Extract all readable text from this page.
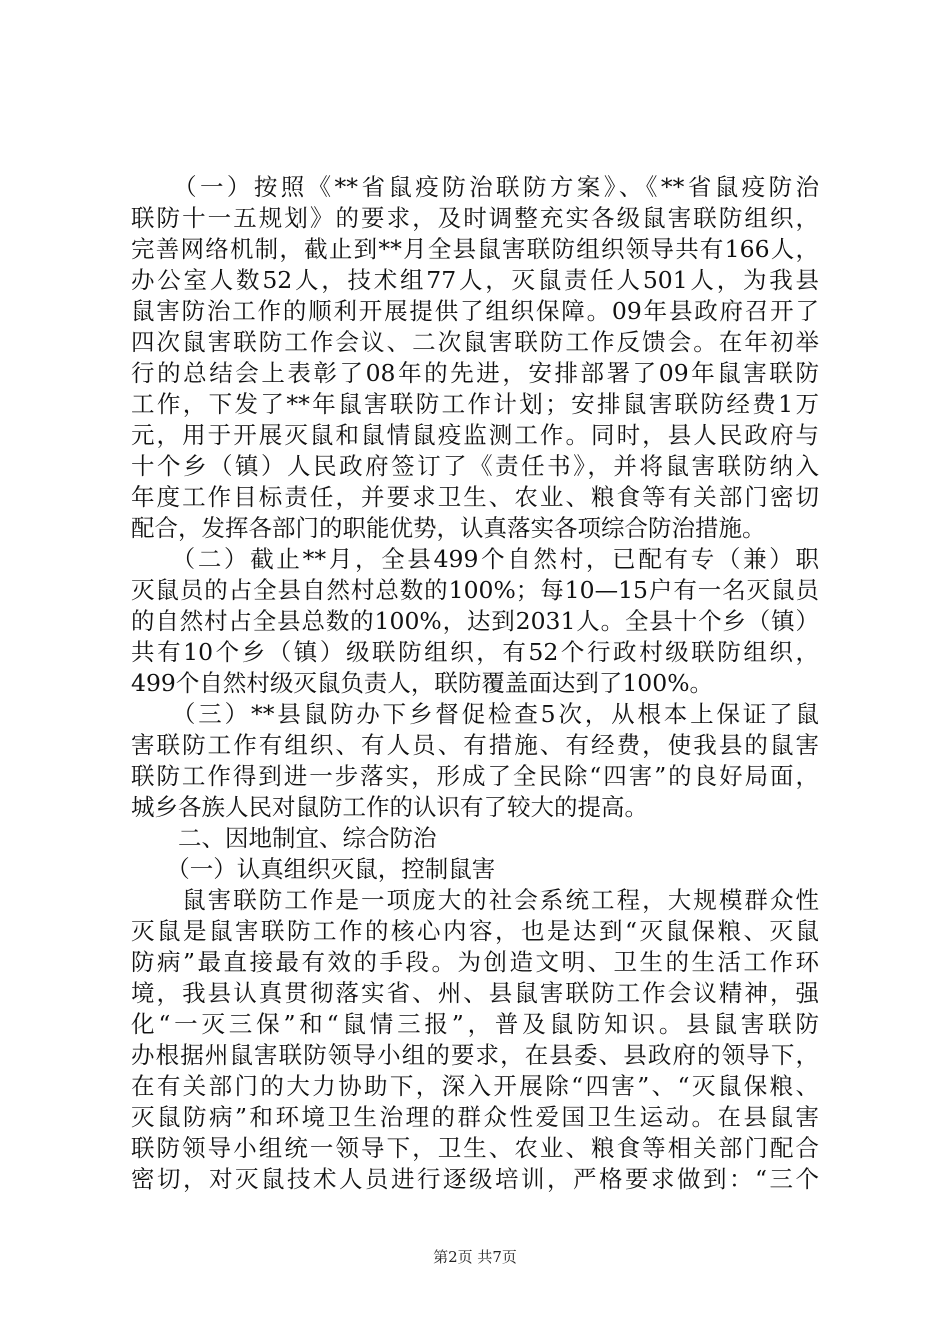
　　（一）按照《**省鼠疫防治联防方案》、《**省鼠疫防治
联防十一五规划》的要求，及时调整充实各级鼠害联防组织，
完善网络机制，截止到**月全县鼠害联防组织领导共有166人，
办公室人数52人，技术组77人，灭鼠责任人501人，为我县
鼠害防治工作的顺利开展提供了组织保障。09年县政府召开了
四次鼠害联防工作会议、二次鼠害联防工作反馈会。在年初举
行的总结会上表彰了08年的先进，安排部署了09年鼠害联防
工作，下发了**年鼠害联防工作计划；安排鼠害联防经费1万
元，用于开展灭鼠和鼠情鼠疫监测工作。同时，县人民政府与
十个乡（镇）人民政府签订了《责任书》，并将鼠害联防纳入
年度工作目标责任，并要求卫生、农业、粮食等有关部门密切
配合，发挥各部门的职能优势，认真落实各项综合防治措施。
　　（二）截止**月，全县499个自然村，已配有专（兼）职
灭鼠员的占全县自然村总数的100%；每10—15户有一名灭鼠员
的自然村占全县总数的100%，达到2031人。全县十个乡（镇）
共有10个乡（镇）级联防组织，有52个行政村级联防组织，
499个自然村级灭鼠负责人，联防覆盖面达到了100%。
　　（三）**县鼠防办下乡督促检查5次，从根本上保证了鼠
害联防工作有组织、有人员、有措施、有经费，使我县的鼠害
联防工作得到进一步落实，形成了全民除“四害”的良好局面，
城乡各族人民对鼠防工作的认识有了较大的提高。
　　二、因地制宜、综合防治
　　（一）认真组织灭鼠，控制鼠害
　　鼠害联防工作是一项庞大的社会系统工程，大规模群众性
灭鼠是鼠害联防工作的核心内容，也是达到“灭鼠保粮、灭鼠
防病”最直接最有效的手段。为创造文明、卫生的生活工作环
境，我县认真贯彻落实省、州、县鼠害联防工作会议精神，强
化“一灭三保”和“鼠情三报”，普及鼠防知识。县鼠害联防
办根据州鼠害联防领导小组的要求，在县委、县政府的领导下，
在有关部门的大力协助下，深入开展除“四害”、“灭鼠保粮、
灭鼠防病”和环境卫生治理的群众性爱国卫生运动。在县鼠害
联防领导小组统一领导下，卫生、农业、粮食等相关部门配合
密切，对灭鼠技术人员进行逐级培训，严格要求做到：“三个
第2页 共7页
